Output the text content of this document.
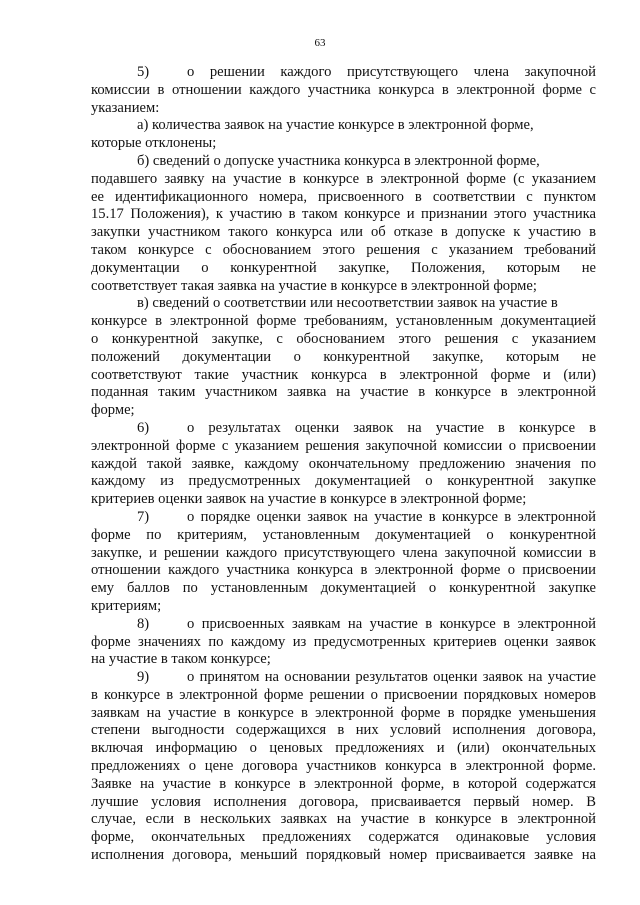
63
5)	о решении каждого присутствующего члена закупочной
комиссии в отношении каждого участника конкурса в электронной форме с
указанием:
а) количества заявок на участие конкурсе в электронной форме,
которые отклонены;
б) сведений о допуске участника конкурса в электронной форме,
подавшего заявку на участие в конкурсе в электронной форме (с указанием
ее идентификационного номера, присвоенного в соответствии с пунктом
15.17 Положения), к участию в таком конкурсе и признании этого участника
закупки участником такого конкурса или об отказе в допуске к участию в
таком конкурсе с обоснованием этого решения с указанием требований
документации о конкурентной закупке, Положения, которым не
соответствует такая заявка на участие в конкурсе в электронной форме;
в) сведений о соответствии или несоответствии заявок на участие в
конкурсе в электронной форме требованиям, установленным документацией
о конкурентной закупке, с обоснованием этого решения с указанием
положений документации о конкурентной закупке, которым не
соответствуют такие участник конкурса в электронной форме и (или)
поданная таким участником заявка на участие в конкурсе в электронной
форме;
6)	о результатах оценки заявок на участие в конкурсе в
электронной форме с указанием решения закупочной комиссии о присвоении
каждой такой заявке, каждому окончательному предложению значения по
каждому из предусмотренных документацией о конкурентной закупке
критериев оценки заявок на участие в конкурсе в электронной форме;
7)	о порядке оценки заявок на участие в конкурсе в электронной
форме по критериям, установленным документацией о конкурентной
закупке, и решении каждого присутствующего члена закупочной комиссии в
отношении каждого участника конкурса в электронной форме о присвоении
ему баллов по установленным документацией о конкурентной закупке
критериям;
8)	о присвоенных заявкам на участие в конкурсе в электронной
форме значениях по каждому из предусмотренных критериев оценки заявок
на участие в таком конкурсе;
9)	о принятом на основании результатов оценки заявок на участие
в конкурсе в электронной форме решении о присвоении порядковых номеров
заявкам на участие в конкурсе в электронной форме в порядке уменьшения
степени выгодности содержащихся в них условий исполнения договора,
включая информацию о ценовых предложениях и (или) окончательных
предложениях о цене договора участников конкурса в электронной форме.
Заявке на участие в конкурсе в электронной форме, в которой содержатся
лучшие условия исполнения договора, присваивается первый номер. В
случае, если в нескольких заявках на участие в конкурсе в электронной
форме, окончательных предложениях содержатся одинаковые условия
исполнения договора, меньший порядковый номер присваивается заявке на
